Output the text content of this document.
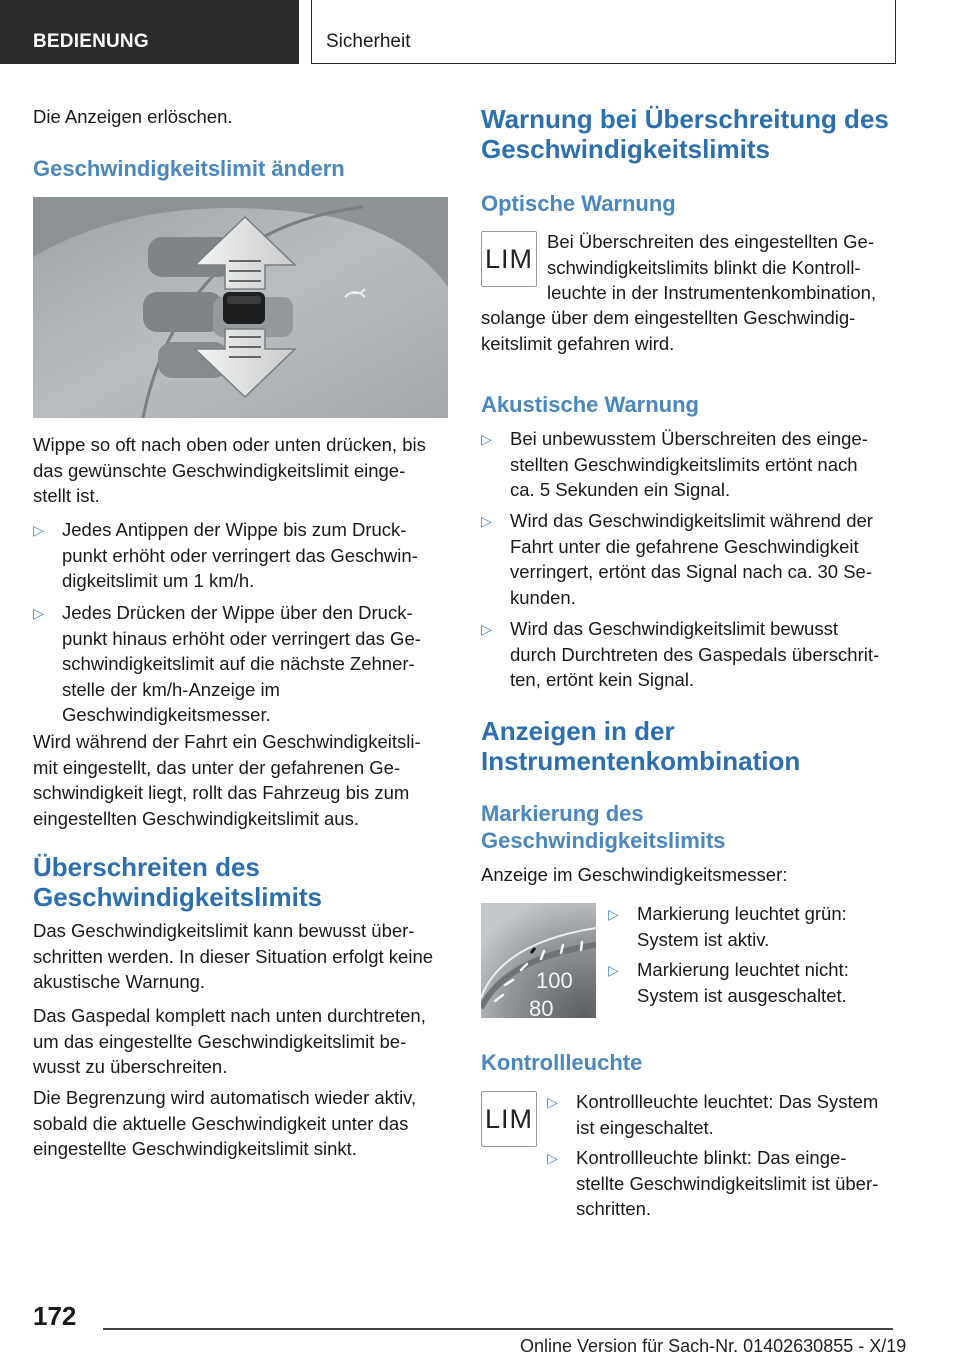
BEDIENUNG	Sicherheit
Die Anzeigen erlöschen.
Geschwindigkeitslimit ändern
Wippe so oft nach oben oder unten drücken, bis
das gewünschte Geschwindigkeitslimit einge-
stellt ist.
▷ Jedes Antippen der Wippe bis zum Druck-
punkt erhöht oder verringert das Geschwin-
digkeitslimit um 1 km/h.
▷ Jedes Drücken der Wippe über den Druck-
punkt hinaus erhöht oder verringert das Ge-
schwindigkeitslimit auf die nächste Zehner-
stelle der km/h-Anzeige im
Geschwindigkeitsmesser.
Wird während der Fahrt ein Geschwindigkeitsli-
mit eingestellt, das unter der gefahrenen Ge-
schwindigkeit liegt, rollt das Fahrzeug bis zum
eingestellten Geschwindigkeitslimit aus.
Überschreiten des
Geschwindigkeitslimits
Das Geschwindigkeitslimit kann bewusst über-
schritten werden. In dieser Situation erfolgt keine
akustische Warnung.
Das Gaspedal komplett nach unten durchtreten,
um das eingestellte Geschwindigkeitslimit be-
wusst zu überschreiten.
Die Begrenzung wird automatisch wieder aktiv,
sobald die aktuelle Geschwindigkeit unter das
eingestellte Geschwindigkeitslimit sinkt.
Warnung bei Überschreitung des
Geschwindigkeitslimits
Optische Warnung
LIM
Bei Überschreiten des eingestellten Ge-
schwindigkeitslimits blinkt die Kontroll-
leuchte in der Instrumentenkombination,
solange über dem eingestellten Geschwindig-
keitslimit gefahren wird.
Akustische Warnung
▷ Bei unbewusstem Überschreiten des einge-
stellten Geschwindigkeitslimits ertönt nach
ca. 5 Sekunden ein Signal.
▷ Wird das Geschwindigkeitslimit während der
Fahrt unter die gefahrene Geschwindigkeit
verringert, ertönt das Signal nach ca. 30 Se-
kunden.
▷ Wird das Geschwindigkeitslimit bewusst
durch Durchtreten des Gaspedals überschrit-
ten, ertönt kein Signal.
Anzeigen in der
Instrumentenkombination
Markierung des
Geschwindigkeitslimits
Anzeige im Geschwindigkeitsmesser:
100
80
▷ Markierung leuchtet grün:
System ist aktiv.
▷ Markierung leuchtet nicht:
System ist ausgeschaltet.
Kontrollleuchte
LIM
▷ Kontrollleuchte leuchtet: Das System
ist eingeschaltet.
▷ Kontrollleuchte blinkt: Das einge-
stellte Geschwindigkeitslimit ist über-
schritten.
172
Online Version für Sach-Nr. 01402630855 - X/19
